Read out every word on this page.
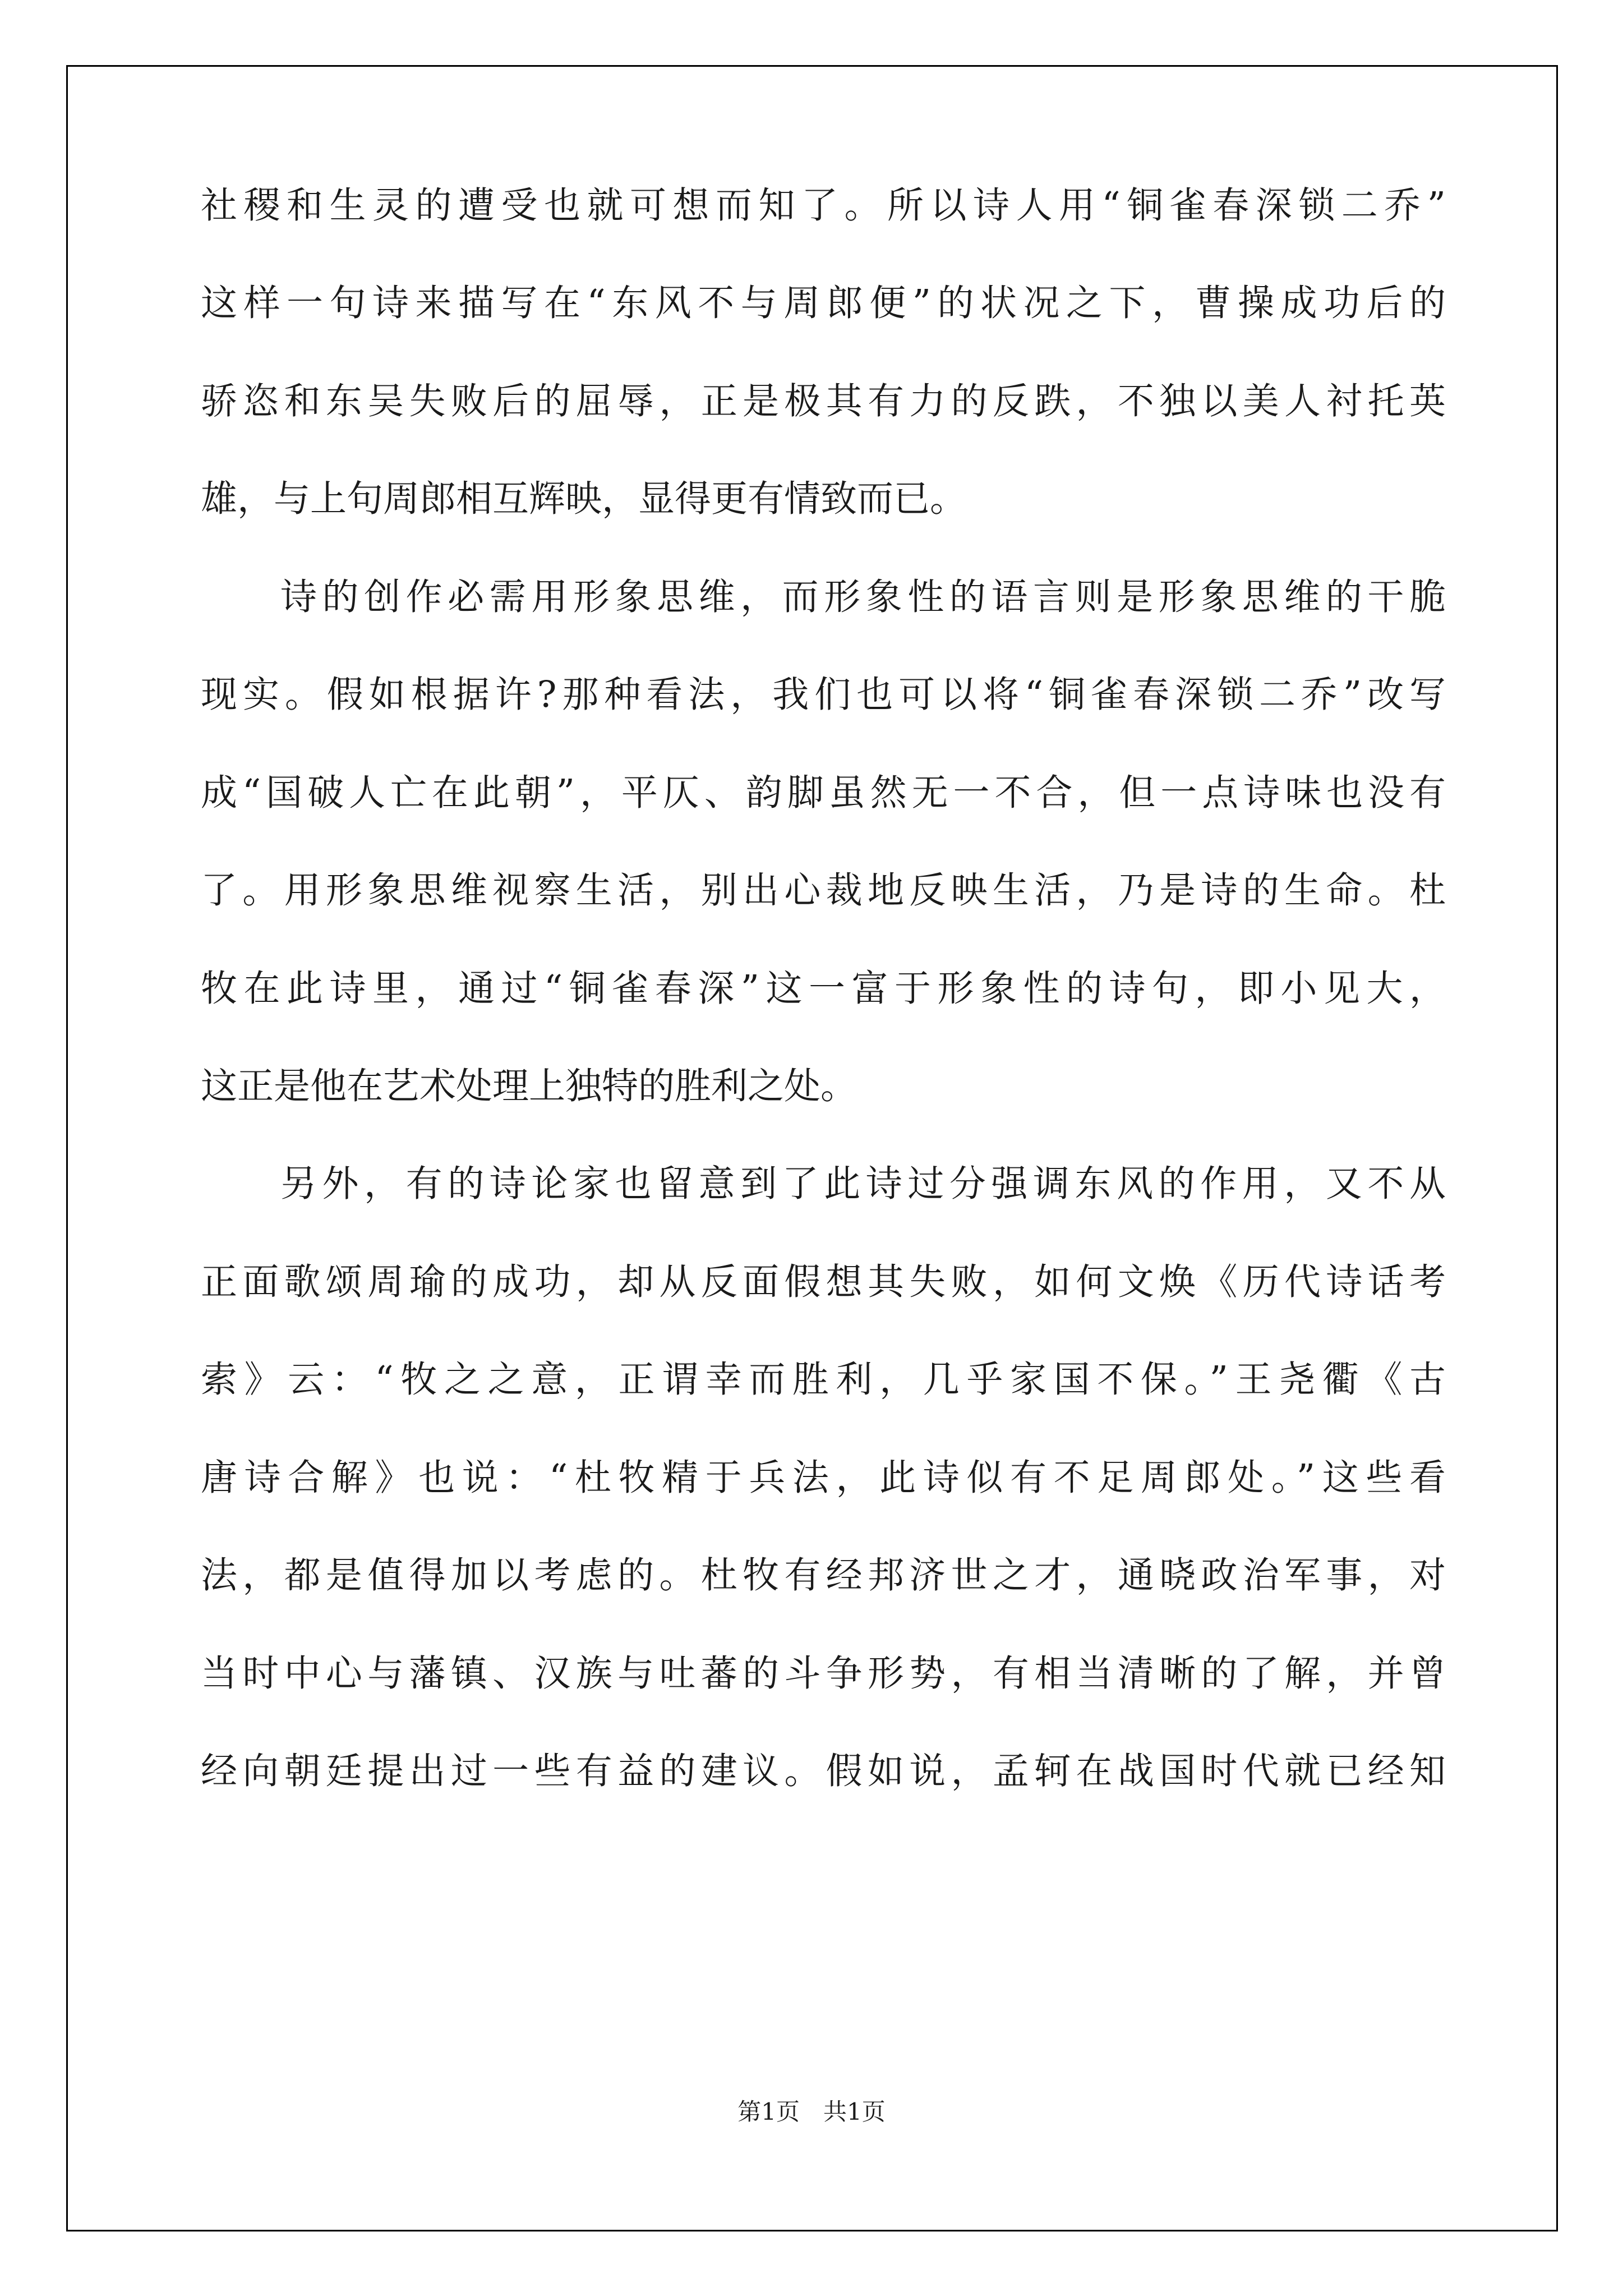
社稷和生灵的遭受也就可想而知了。所以诗人用“铜雀春深锁二乔”

这样一句诗来描写在“东风不与周郎便”的状况之下，曹操成功后的

骄恣和东吴失败后的屈辱，正是极其有力的反跌，不独以美人衬托英

雄，与上句周郎相互辉映，显得更有情致而已。

诗的创作必需用形象思维，而形象性的语言则是形象思维的干脆

现实。假如根据许?那种看法，我们也可以将“铜雀春深锁二乔”改写

成“国破人亡在此朝”，平仄、韵脚虽然无一不合，但一点诗味也没有

了。用形象思维视察生活，别出心裁地反映生活，乃是诗的生命。杜

牧在此诗里，通过“铜雀春深”这一富于形象性的诗句，即小见大，

这正是他在艺术处理上独特的胜利之处。

另外，有的诗论家也留意到了此诗过分强调东风的作用，又不从

正面歌颂周瑜的成功，却从反面假想其失败，如何文焕《历代诗话考

索》云：“牧之之意，正谓幸而胜利，几乎家国不保。”王尧衢《古

唐诗合解》也说：“杜牧精于兵法，此诗似有不足周郎处。”这些看

法，都是值得加以考虑的。杜牧有经邦济世之才，通晓政治军事，对

当时中心与藩镇、汉族与吐蕃的斗争形势，有相当清晰的了解，并曾

经向朝廷提出过一些有益的建议。假如说，孟轲在战国时代就已经知

第1页　共1页
